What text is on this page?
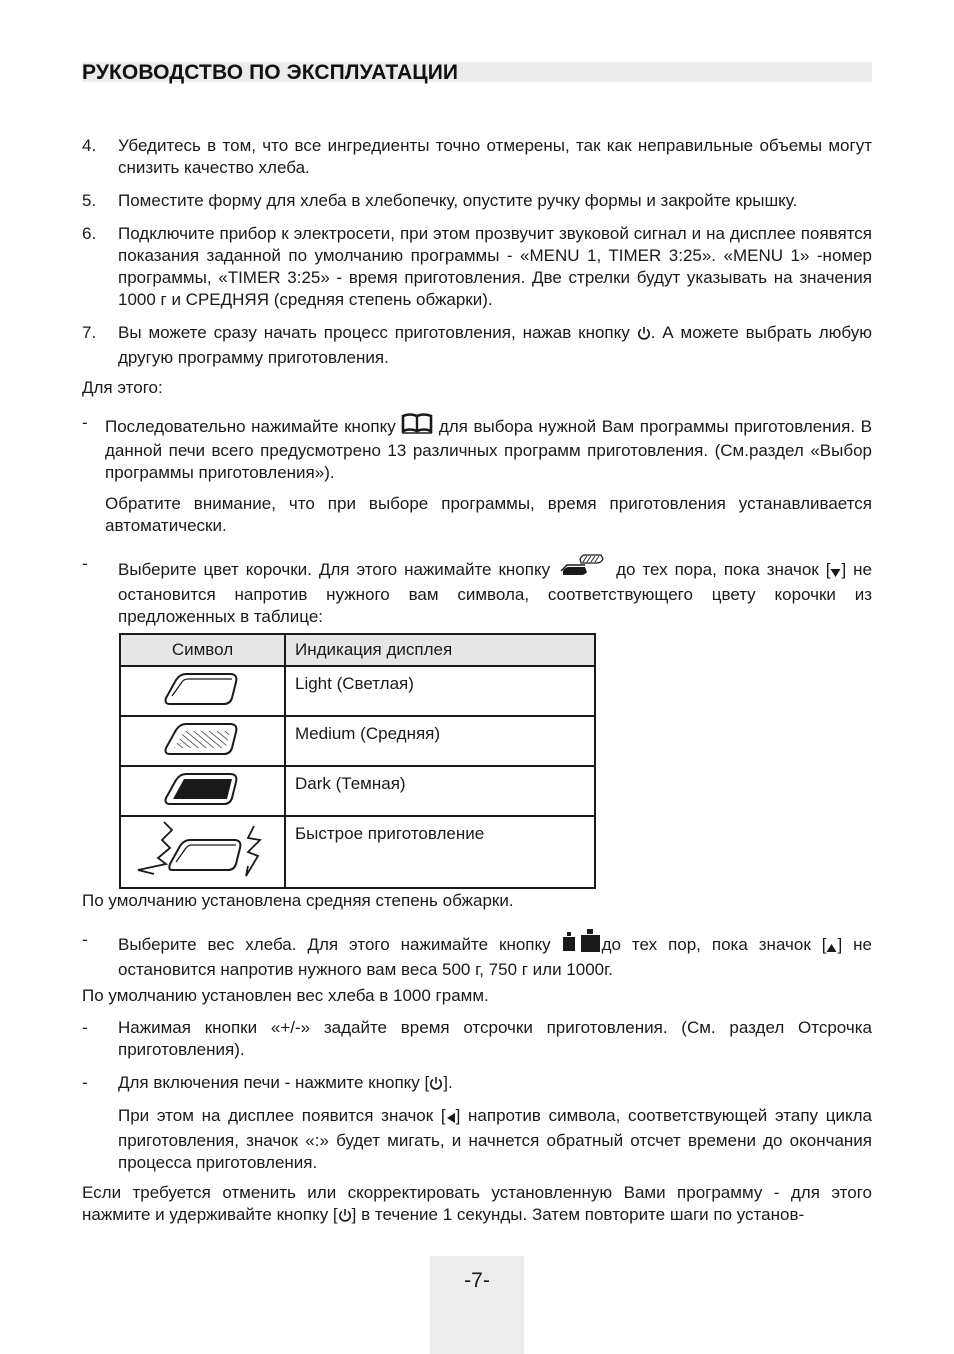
РУКОВОДСТВО ПО ЭКСПЛУАТАЦИИ
4. Убедитесь в том, что все ингредиенты точно отмерены, так как неправильные объемы могут снизить качество хлеба.
5. Поместите форму для хлеба в хлебопечку, опустите ручку формы и закройте крышку.
6. Подключите прибор к электросети, при этом прозвучит звуковой сигнал и на дисплее появятся показания заданной по умолчанию программы - «MENU 1, TIMER 3:25». «MENU 1» -номер программы, «TIMER 3:25» - время приготовления. Две стрелки будут указывать на значения 1000 г и СРЕДНЯЯ (средняя степень обжарки).
7. Вы можете сразу начать процесс приготовления, нажав кнопку . А можете выбрать любую другую программу приготовления.

Для этого:

- Последовательно нажимайте кнопку	для выбора нужной Вам программы приготовления. В данной печи всего предусмотрено 13 различных программ приготовления. (См.раздел «Выбор программы приготовления»).

Обратите внимание, что при выборе программы, время приготовления устанавливается автоматически.

- Выберите цвет корочки. Для этого нажимайте кнопку	до тех пора, пока значок [ ] не остановится напротив нужного вам символа, соответствующего цвету корочки из предложенных в таблице:
Символ	Индикация дисплея
	Light (Светлая)
	Medium (Средняя)
	Dark (Темная)
	Быстрое приготовление

По умолчанию установлена средняя степень обжарки.

- Выберите вес хлеба. Для этого нажимайте кнопку	до тех пор, пока значок [ ] не остановится напротив нужного вам веса 500 г, 750 г или 1000г.

По умолчанию установлен вес хлеба в 1000 грамм.

- Нажимая кнопки «+/-» задайте время отсрочки приготовления. (См. раздел Отсрочка приготовления).
- Для включения печи - нажмите кнопку [ ].

При этом на дисплее появится значок [ ] напротив символа, соответствующей этапу цикла приготовления, значок «:» будет мигать, и начнется обратный отсчет времени до окончания процесса приготовления.

Если требуется отменить или скорректировать установленную Вами программу - для этого нажмите и удерживайте кнопку [ ] в течение 1 секунды. Затем повторите шаги по установ-

-7-
